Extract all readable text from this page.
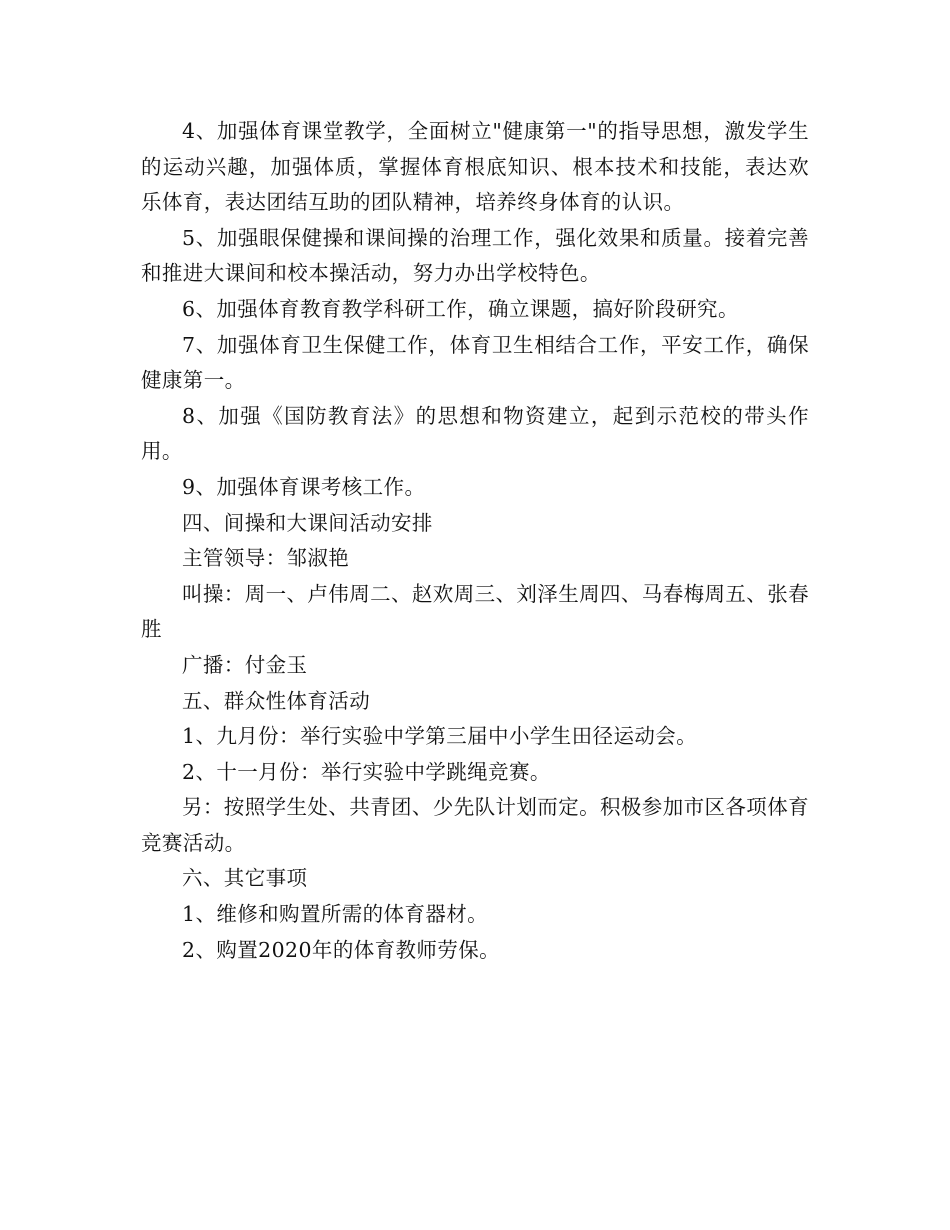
4、加强体育课堂教学，全面树立"健康第一"的指导思想，激发学生的运动兴趣，加强体质，掌握体育根底知识、根本技术和技能，表达欢乐体育，表达团结互助的团队精神，培养终身体育的认识。

5、加强眼保健操和课间操的治理工作，强化效果和质量。接着完善和推进大课间和校本操活动，努力办出学校特色。

6、加强体育教育教学科研工作，确立课题，搞好阶段研究。

7、加强体育卫生保健工作，体育卫生相结合工作，平安工作，确保健康第一。

8、加强《国防教育法》的思想和物资建立，起到示范校的带头作用。

9、加强体育课考核工作。

四、间操和大课间活动安排

主管领导：邹淑艳

叫操：周一、卢伟周二、赵欢周三、刘泽生周四、马春梅周五、张春胜

广播：付金玉

五、群众性体育活动

1、九月份：举行实验中学第三届中小学生田径运动会。

2、十一月份：举行实验中学跳绳竞赛。

另：按照学生处、共青团、少先队计划而定。积极参加市区各项体育竞赛活动。

六、其它事项

1、维修和购置所需的体育器材。

2、购置2020年的体育教师劳保。
